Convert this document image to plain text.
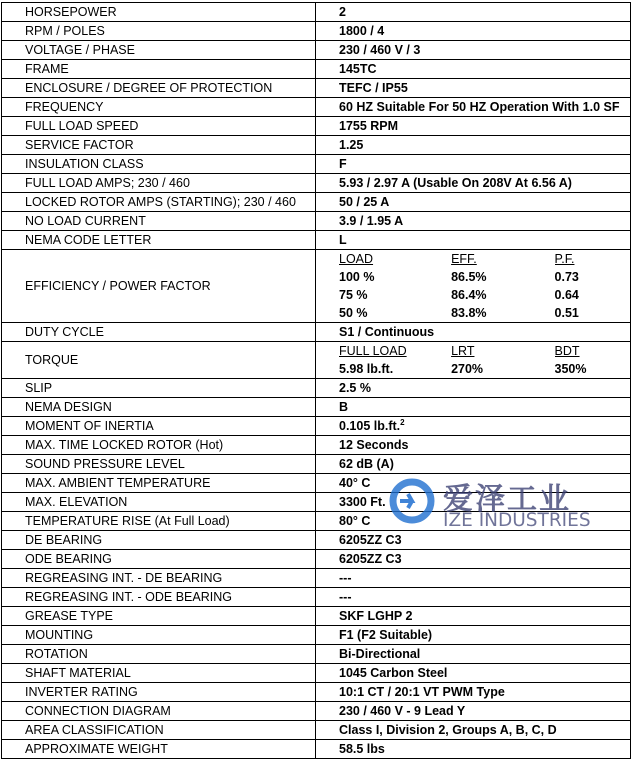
HORSEPOWER	2
RPM / POLES	1800 / 4
VOLTAGE / PHASE	230 / 460 V / 3
FRAME	145TC
ENCLOSURE / DEGREE OF PROTECTION	TEFC / IP55
FREQUENCY	60 HZ Suitable For 50 HZ Operation With 1.0 SF
FULL LOAD SPEED	1755 RPM
SERVICE FACTOR	1.25
INSULATION CLASS	F
FULL LOAD AMPS; 230 / 460	5.93 / 2.97 A (Usable On 208V At 6.56 A)
LOCKED ROTOR AMPS (STARTING); 230 / 460	50 / 25 A
NO LOAD CURRENT	3.9 / 1.95 A
NEMA CODE LETTER	L
EFFICIENCY / POWER FACTOR	
LOAD	EFF.	P.F.
100 %	86.5%	0.73
75 %	86.4%	0.64
50 %	83.8%	0.51

DUTY CYCLE	S1 / Continuous
TORQUE	
FULL LOAD	LRT	BDT
5.98 lb.ft.	270%	350%

SLIP	2.5 %
NEMA DESIGN	B
MOMENT OF INERTIA	0.105 lb.ft.$^2$
MAX. TIME LOCKED ROTOR (Hot)	12 Seconds
SOUND PRESSURE LEVEL	62 dB (A)
MAX. AMBIENT TEMPERATURE	40° C
MAX. ELEVATION	3300 Ft.
TEMPERATURE RISE (At Full Load)	80° C
DE BEARING	6205ZZ C3
ODE BEARING	6205ZZ C3
REGREASING INT. - DE BEARING	---
REGREASING INT. - ODE BEARING	---
GREASE TYPE	SKF LGHP 2
MOUNTING	F1 (F2 Suitable)
ROTATION	Bi-Directional
SHAFT MATERIAL	1045 Carbon Steel
INVERTER RATING	10:1 CT / 20:1 VT PWM Type
CONNECTION DIAGRAM	230 / 460 V - 9 Lead Y
AREA CLASSIFICATION	Class I, Division 2, Groups A, B, C, D
APPROXIMATE WEIGHT	58.5 lbs
爱泽工业
IZE INDUSTRIES
